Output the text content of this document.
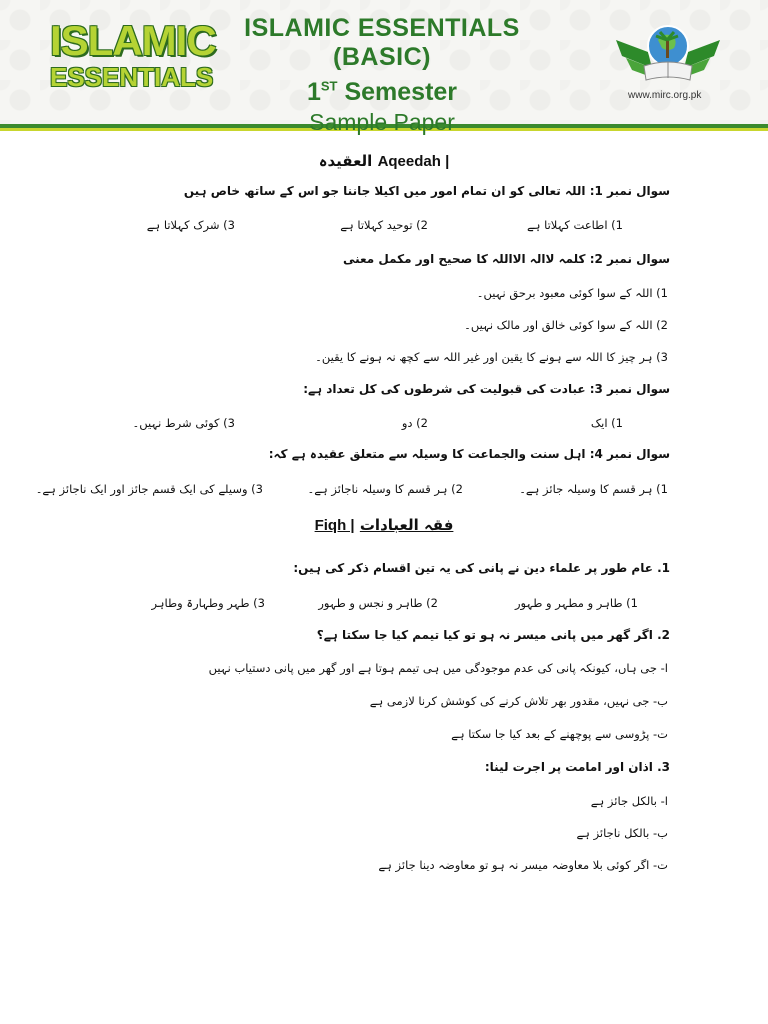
ISLAMIC
ESSENTIALS
ISLAMIC ESSENTIALS (BASIC)
1ST Semester
Sample Paper
www.mirc.org.pk
العقیدہ Aqeedah |
سوال نمبر 1: اللہ تعالی کو ان تمام امور میں اکیلا جاننا جو اس کے ساتھ خاص ہیں
1) اطاعت کہلاتا ہے
2) توحید کہلاتا ہے
3) شرک کہلاتا ہے
سوال نمبر 2: کلمہ لاالہ الااللہ کا صحیح اور مکمل معنی
1) اللہ کے سوا کوئی معبود برحق نہیں۔
2) اللہ کے سوا کوئی خالق اور مالک نہیں۔
3) ہر چیز کا اللہ سے ہونے کا یقین اور غیر اللہ سے کچھ نہ ہونے کا یقین۔
سوال نمبر 3: عبادت کی قبولیت کی شرطوں کی کل تعداد ہے:
1) ایک
2) دو
3) کوئی شرط نہیں۔
سوال نمبر 4: اہل سنت والجماعت کا وسیلہ سے متعلق عقیدہ ہے کہ:
1) ہر قسم کا وسیلہ جائز ہے۔
2) ہر قسم کا وسیلہ ناجائز ہے۔
3) وسیلے کی ایک قسم جائز اور ایک ناجائز ہے۔
Fiqh | فقہ العبادات
1. عام طور پر علماء دین نے پانی کی یہ تین اقسام ذکر کی ہیں:
1) طاہر و مطہر و طہور
2) طاہر و نجس و طہور
3) طہر وطہارۃ وطاہر
2. اگر گھر میں پانی میسر نہ ہو تو کیا تیمم کیا جا سکتا ہے؟
ا- جی ہاں، کیونکہ پانی کی عدم موجودگی میں ہی تیمم ہوتا ہے اور گھر میں پانی دستیاب نہیں
ب- جی نہیں، مقدور بھر تلاش کرنے کی کوشش کرنا لازمی ہے
ت- پڑوسی سے پوچھنے کے بعد کیا جا سکتا ہے
3. اذان اور امامت پر اجرت لینا:
ا- بالکل جائز ہے
ب- بالکل ناجائز ہے
ت- اگر کوئی بلا معاوضہ میسر نہ ہو تو معاوضہ دینا جائز ہے
